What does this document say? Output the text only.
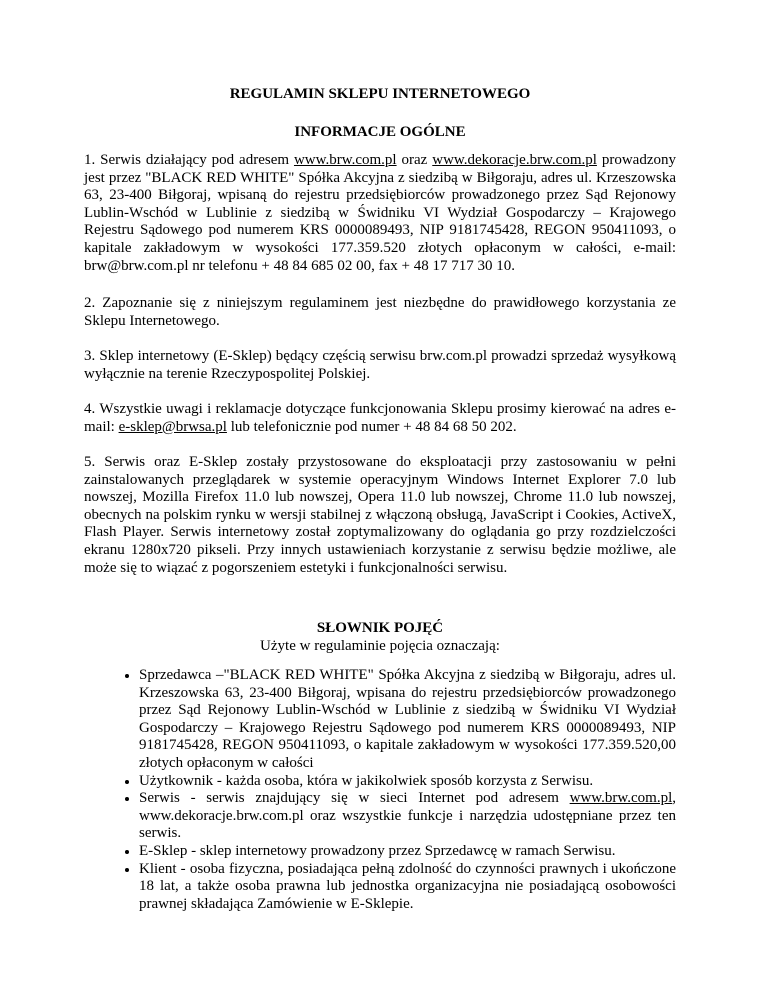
REGULAMIN SKLEPU INTERNETOWEGO
INFORMACJE OGÓLNE

1. Serwis działający pod adresem www.brw.com.pl oraz www.dekoracje.brw.com.pl prowadzony jest przez "BLACK RED WHITE" Spółka Akcyjna z siedzibą w Biłgoraju, adres ul. Krzeszowska 63, 23-400 Biłgoraj, wpisaną do rejestru przedsiębiorców prowadzonego przez Sąd Rejonowy Lublin-Wschód w Lublinie z siedzibą w Świdniku VI Wydział Gospodarczy – Krajowego Rejestru Sądowego pod numerem KRS 0000089493, NIP 9181745428, REGON 950411093, o kapitale zakładowym w wysokości 177.359.520 złotych opłaconym w całości, e-mail: brw@brw.com.pl nr telefonu + 48 84 685 02 00, fax + 48 17 717 30 10.

2. Zapoznanie się z niniejszym regulaminem jest niezbędne do prawidłowego korzystania ze Sklepu Internetowego.

3. Sklep internetowy (E-Sklep) będący częścią serwisu brw.com.pl prowadzi sprzedaż wysyłkową wyłącznie na terenie Rzeczypospolitej Polskiej.

4. Wszystkie uwagi i reklamacje dotyczące funkcjonowania Sklepu prosimy kierować na adres e-mail: e-sklep@brwsa.pl lub telefonicznie pod numer + 48 84 68 50 202.

5. Serwis oraz E-Sklep zostały przystosowane do eksploatacji przy zastosowaniu w pełni zainstalowanych przeglądarek w systemie operacyjnym Windows Internet Explorer 7.0 lub nowszej, Mozilla Firefox 11.0 lub nowszej, Opera 11.0 lub nowszej, Chrome 11.0 lub nowszej, obecnych na polskim rynku w wersji stabilnej z włączoną obsługą, JavaScript i Cookies, ActiveX, Flash Player. Serwis internetowy został zoptymalizowany do oglądania go przy rozdzielczości ekranu 1280x720 pikseli. Przy innych ustawieniach korzystanie z serwisu będzie możliwe, ale może się to wiązać z pogorszeniem estetyki i funkcjonalności serwisu.

SŁOWNIK POJĘĆ
Użyte w regulaminie pojęcia oznaczają:
• Sprzedawca –"BLACK RED WHITE" Spółka Akcyjna z siedzibą w Biłgoraju, adres ul. Krzeszowska 63, 23-400 Biłgoraj, wpisana do rejestru przedsiębiorców prowadzonego przez Sąd Rejonowy Lublin-Wschód w Lublinie z siedzibą w Świdniku VI Wydział Gospodarczy – Krajowego Rejestru Sądowego pod numerem KRS 0000089493, NIP 9181745428, REGON 950411093, o kapitale zakładowym w wysokości 177.359.520,00 złotych opłaconym w całości
• Użytkownik - każda osoba, która w jakikolwiek sposób korzysta z Serwisu.
• Serwis - serwis znajdujący się w sieci Internet pod adresem www.brw.com.pl, www.dekoracje.brw.com.pl oraz wszystkie funkcje i narzędzia udostępniane przez ten serwis.
• E-Sklep - sklep internetowy prowadzony przez Sprzedawcę w ramach Serwisu.
• Klient - osoba fizyczna, posiadająca pełną zdolność do czynności prawnych i ukończone 18 lat, a także osoba prawna lub jednostka organizacyjna nie posiadającą osobowości prawnej składająca Zamówienie w E-Sklepie.
